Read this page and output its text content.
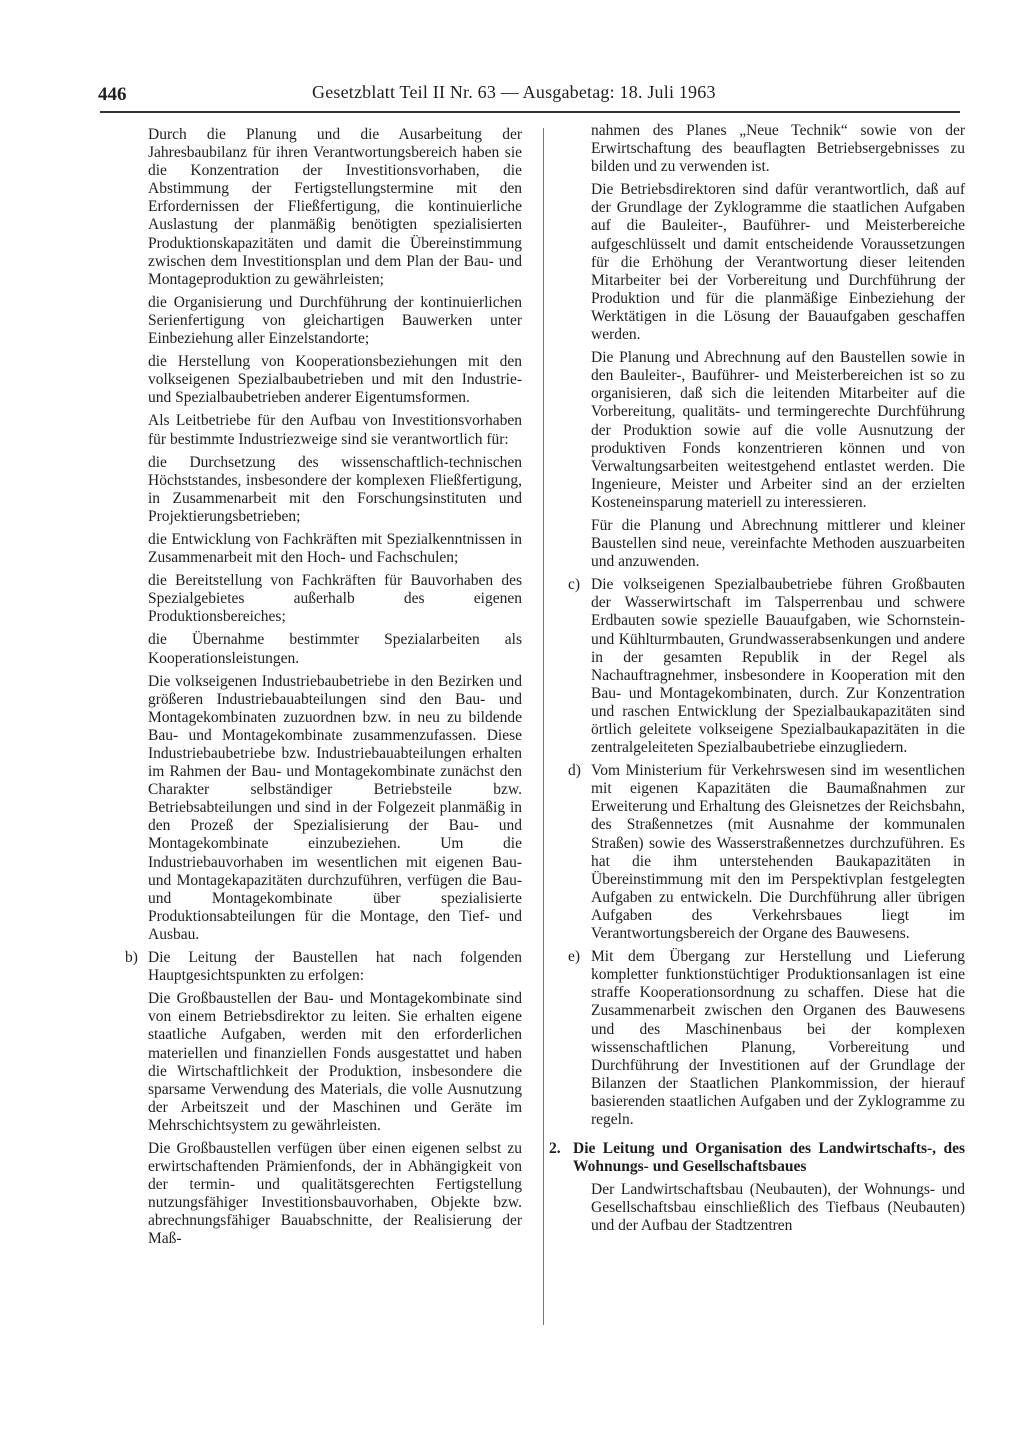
446	Gesetzblatt Teil II Nr. 63 — Ausgabetag: 18. Juli 1963

Durch die Planung und die Ausarbeitung der Jahresbaubilanz für ihren Verantwortungsbereich haben sie die Konzentration der Investitionsvorhaben, die Abstimmung der Fertigstellungstermine mit den Erfordernissen der Fließfertigung, die kontinuierliche Auslastung der planmäßig benötigten spezialisierten Produktionskapazitäten und damit die Übereinstimmung zwischen dem Investitionsplan und dem Plan der Bau- und Montageproduktion zu gewährleisten;

die Organisierung und Durchführung der kontinuierlichen Serienfertigung von gleichartigen Bauwerken unter Einbeziehung aller Einzelstandorte;

die Herstellung von Kooperationsbeziehungen mit den volkseigenen Spezialbaubetrieben und mit den Industrie- und Spezialbaubetrieben anderer Eigentumsformen.

Als Leitbetriebe für den Aufbau von Investitionsvorhaben für bestimmte Industriezweige sind sie verantwortlich für:

die Durchsetzung des wissenschaftlich-technischen Höchststandes, insbesondere der komplexen Fließfertigung, in Zusammenarbeit mit den Forschungsinstituten und Projektierungsbetrieben;

die Entwicklung von Fachkräften mit Spezialkenntnissen in Zusammenarbeit mit den Hoch- und Fachschulen;

die Bereitstellung von Fachkräften für Bauvorhaben des Spezialgebietes außerhalb des eigenen Produktionsbereiches;

die Übernahme bestimmter Spezialarbeiten als Kooperationsleistungen.

Die volkseigenen Industriebaubetriebe in den Bezirken und größeren Industriebauabteilungen sind den Bau- und Montagekombinaten zuzuordnen bzw. in neu zu bildende Bau- und Montagekombinate zusammenzufassen. Diese Industriebaubetriebe bzw. Industriebauabteilungen erhalten im Rahmen der Bau- und Montagekombinate zunächst den Charakter selbständiger Betriebsteile bzw. Betriebsabteilungen und sind in der Folgezeit planmäßig in den Prozeß der Spezialisierung der Bau- und Montagekombinate einzubeziehen. Um die Industriebauvorhaben im wesentlichen mit eigenen Bau- und Montagekapazitäten durchzuführen, verfügen die Bau- und Montagekombinate über spezialisierte Produktionsabteilungen für die Montage, den Tief- und Ausbau.

b) Die Leitung der Baustellen hat nach folgenden Hauptgesichtspunkten zu erfolgen:

Die Großbaustellen der Bau- und Montagekombinate sind von einem Betriebsdirektor zu leiten. Sie erhalten eigene staatliche Aufgaben, werden mit den erforderlichen materiellen und finanziellen Fonds ausgestattet und haben die Wirtschaftlichkeit der Produktion, insbesondere die sparsame Verwendung des Materials, die volle Ausnutzung der Arbeitszeit und der Maschinen und Geräte im Mehrschichtsystem zu gewährleisten.

Die Großbaustellen verfügen über einen eigenen selbst zu erwirtschaftenden Prämienfonds, der in Abhängigkeit von der termin- und qualitätsgerechten Fertigstellung nutzungsfähiger Investitionsbauvorhaben, Objekte bzw. abrechnungsfähiger Bauabschnitte, der Realisierung der Maß-

nahmen des Planes „Neue Technik“ sowie von der Erwirtschaftung des beauflagten Betriebsergebnisses zu bilden und zu verwenden ist.

Die Betriebsdirektoren sind dafür verantwortlich, daß auf der Grundlage der Zyklogramme die staatlichen Aufgaben auf die Bauleiter-, Bauführer- und Meisterbereiche aufgeschlüsselt und damit entscheidende Voraussetzungen für die Erhöhung der Verantwortung dieser leitenden Mitarbeiter bei der Vorbereitung und Durchführung der Produktion und für die planmäßige Einbeziehung der Werktätigen in die Lösung der Bauaufgaben geschaffen werden.

Die Planung und Abrechnung auf den Baustellen sowie in den Bauleiter-, Bauführer- und Meisterbereichen ist so zu organisieren, daß sich die leitenden Mitarbeiter auf die Vorbereitung, qualitäts- und termingerechte Durchführung der Produktion sowie auf die volle Ausnutzung der produktiven Fonds konzentrieren können und von Verwaltungsarbeiten weitestgehend entlastet werden. Die Ingenieure, Meister und Arbeiter sind an der erzielten Kosteneinsparung materiell zu interessieren.

Für die Planung und Abrechnung mittlerer und kleiner Baustellen sind neue, vereinfachte Methoden auszuarbeiten und anzuwenden.

c) Die volkseigenen Spezialbaubetriebe führen Großbauten der Wasserwirtschaft im Talsperrenbau und schwere Erdbauten sowie spezielle Bauaufgaben, wie Schornstein- und Kühlturmbauten, Grundwasserabsenkungen und andere in der gesamten Republik in der Regel als Nachauftragnehmer, insbesondere in Kooperation mit den Bau- und Montagekombinaten, durch. Zur Konzentration und raschen Entwicklung der Spezialbaukapazitäten sind örtlich geleitete volkseigene Spezialbaukapazitäten in die zentralgeleiteten Spezialbaubetriebe einzugliedern.

d) Vom Ministerium für Verkehrswesen sind im wesentlichen mit eigenen Kapazitäten die Baumaßnahmen zur Erweiterung und Erhaltung des Gleisnetzes der Reichsbahn, des Straßennetzes (mit Ausnahme der kommunalen Straßen) sowie des Wasserstraßennetzes durchzuführen. Es hat die ihm unterstehenden Baukapazitäten in Übereinstimmung mit den im Perspektivplan festgelegten Aufgaben zu entwickeln. Die Durchführung aller übrigen Aufgaben des Verkehrsbaues liegt im Verantwortungsbereich der Organe des Bauwesens.

e) Mit dem Übergang zur Herstellung und Lieferung kompletter funktionstüchtiger Produktionsanlagen ist eine straffe Kooperationsordnung zu schaffen. Diese hat die Zusammenarbeit zwischen den Organen des Bauwesens und des Maschinenbaus bei der komplexen wissenschaftlichen Planung, Vorbereitung und Durchführung der Investitionen auf der Grundlage der Bilanzen der Staatlichen Plankommission, der hierauf basierenden staatlichen Aufgaben und der Zyklogramme zu regeln.

2. Die Leitung und Organisation des Landwirtschafts-, des Wohnungs- und Gesellschaftsbaues

Der Landwirtschaftsbau (Neubauten), der Wohnungs- und Gesellschaftsbau einschließlich des Tiefbaus (Neubauten) und der Aufbau der Stadtzentren
